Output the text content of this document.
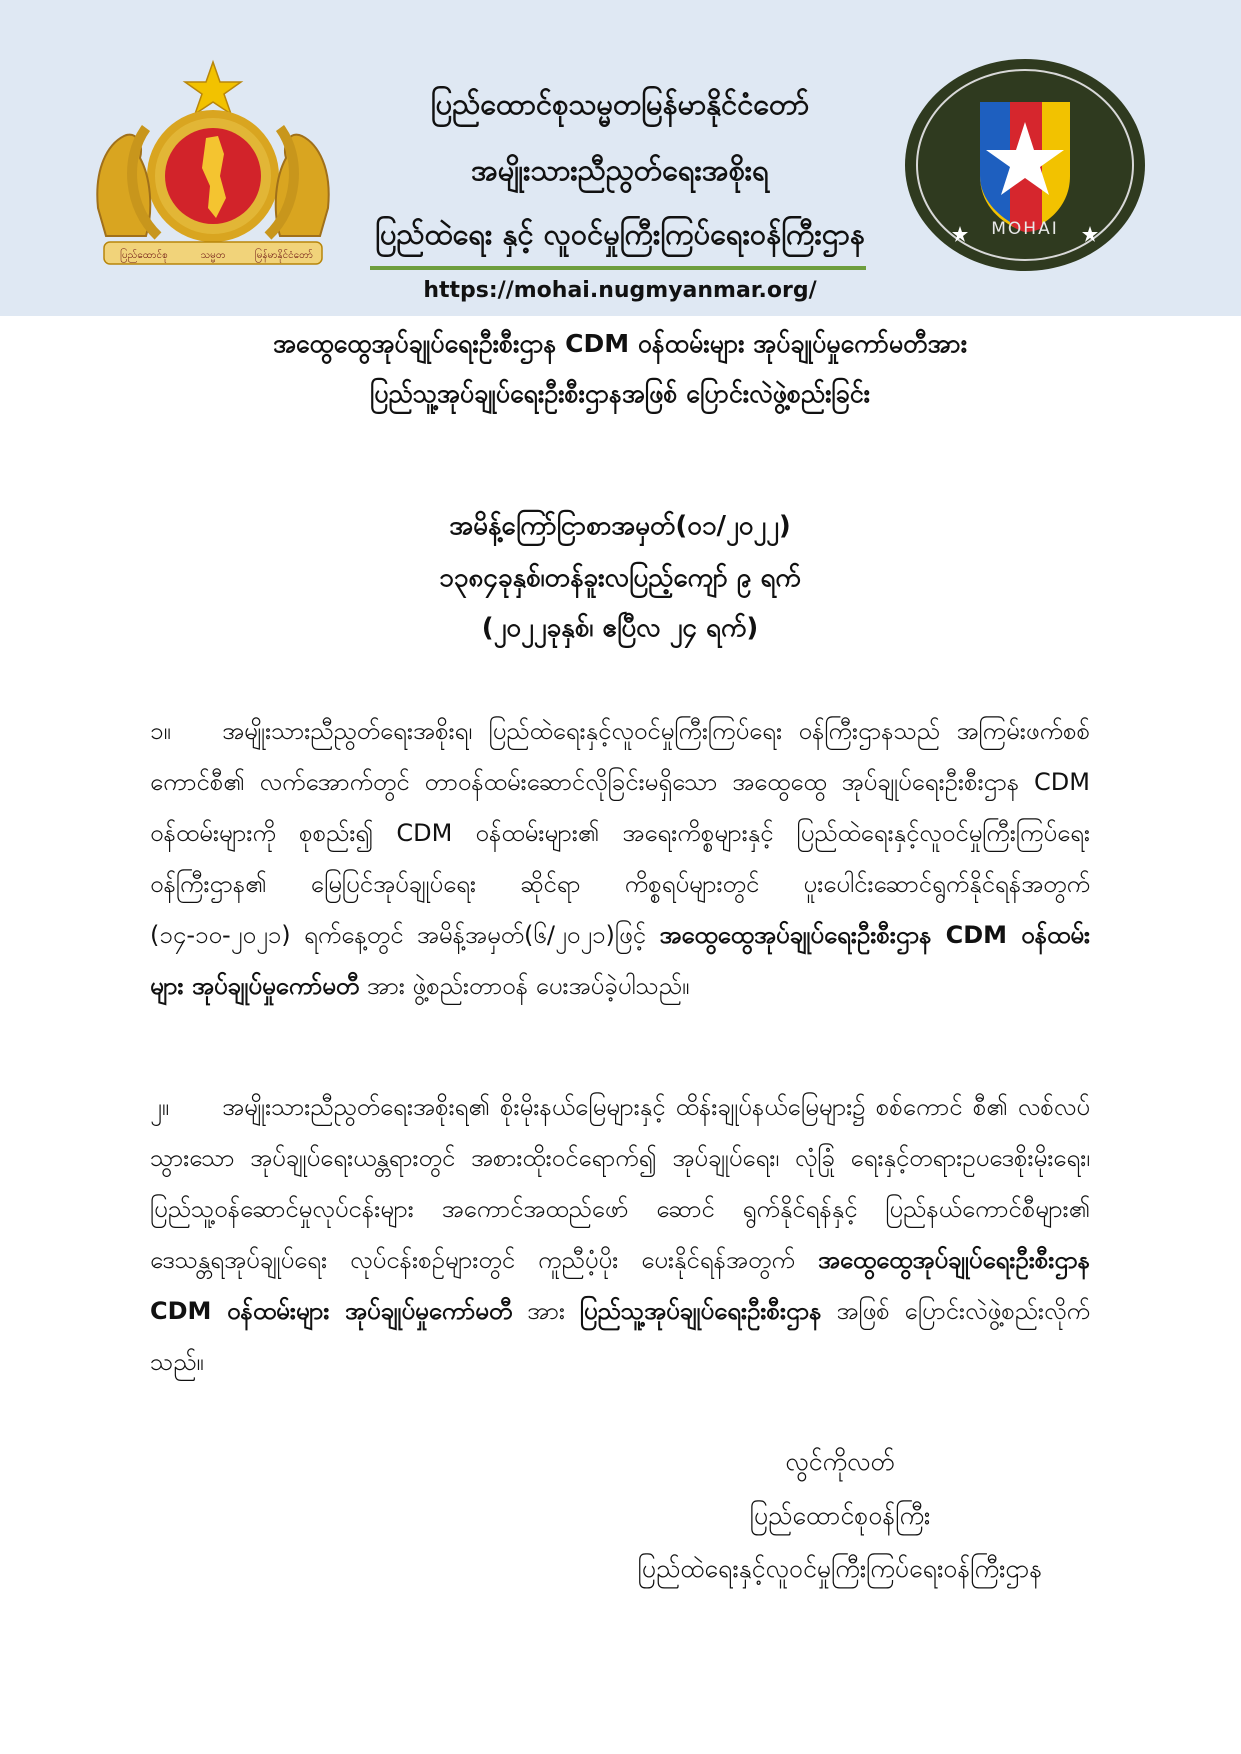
ပြည်ထောင်စု	သမ္မတ	မြန်မာနိုင်ငံတော်
ပြည်ထောင်စုသမ္မတမြန်မာနိုင်ငံတော်
အမျိုးသားညီညွတ်ရေးအစိုးရ
ပြည်ထဲရေး နှင့် လူဝင်မှုကြီးကြပ်ရေးဝန်ကြီးဌာန
https://mohai.nugmyanmar.org/
MOHAI
အထွေထွေအုပ်ချုပ်ရေးဦးစီးဌာန CDM ဝန်ထမ်းများ အုပ်ချုပ်မှုကော်မတီအား
ပြည်သူ့အုပ်ချုပ်ရေးဦးစီးဌာနအဖြစ် ပြောင်းလဲဖွဲ့စည်းခြင်း
အမိန့်ကြော်ငြာစာအမှတ်(၀၁/၂၀၂၂)
၁၃၈၄ခုနှစ်၊တန်ခူးလပြည့်ကျော် ၉ ရက်
(၂၀၂၂ခုနှစ်၊ ဧပြီလ ၂၄ ရက်)
၁။ အမျိုးသားညီညွတ်ရေးအစိုးရ၊ ပြည်ထဲရေးနှင့်လူဝင်မှုကြီးကြပ်ရေး ဝန်ကြီးဌာနသည် အကြမ်းဖက်စစ်ကောင်စီ၏ လက်အောက်တွင် တာဝန်ထမ်းဆောင်လိုခြင်းမရှိသော အထွေထွေ အုပ်ချုပ်ရေးဦးစီးဌာန CDM ဝန်ထမ်းများကို စုစည်း၍ CDM ဝန်ထမ်းများ၏ အရေးကိစ္စများနှင့် ပြည်ထဲရေးနှင့်လူဝင်မှုကြီးကြပ်ရေးဝန်ကြီးဌာန၏ မြေပြင်အုပ်ချုပ်ရေး ဆိုင်ရာ ကိစ္စရပ်များတွင် ပူးပေါင်းဆောင်ရွက်နိုင်ရန်အတွက် (၁၄-၁၀-၂၀၂၁) ရက်နေ့တွင် အမိန့်အမှတ်(၆/၂၀၂၁)ဖြင့် အထွေထွေအုပ်ချုပ်ရေးဦးစီးဌာန CDM ဝန်ထမ်းများ အုပ်ချုပ်မှုကော်မတီ အား ဖွဲ့စည်းတာဝန် ပေးအပ်ခဲ့ပါသည်။
၂။ အမျိုးသားညီညွတ်ရေးအစိုးရ၏ စိုးမိုးနယ်မြေများနှင့် ထိန်းချုပ်နယ်မြေများ၌ စစ်ကောင် စီ၏ လစ်လပ်သွားသော အုပ်ချုပ်ရေးယန္တရားတွင် အစားထိုးဝင်ရောက်၍ အုပ်ချုပ်ရေး၊ လုံခြုံ ရေးနှင့်တရားဥပဒေစိုးမိုးရေး၊ ပြည်သူ့ဝန်ဆောင်မှုလုပ်ငန်းများ အကောင်အထည်ဖော် ဆောင် ရွက်နိုင်ရန်နှင့် ပြည်နယ်ကောင်စီများ၏ ဒေသန္တရအုပ်ချုပ်ရေး လုပ်ငန်းစဉ်များတွင် ကူညီပံ့ပိုး ပေးနိုင်ရန်အတွက် အထွေထွေအုပ်ချုပ်ရေးဦးစီးဌာန CDM ဝန်ထမ်းများ အုပ်ချုပ်မှုကော်မတီ အား ပြည်သူ့အုပ်ချုပ်ရေးဦးစီးဌာန အဖြစ် ပြောင်းလဲဖွဲ့စည်းလိုက်သည်။
လွင်ကိုလတ်
ပြည်ထောင်စုဝန်ကြီး
ပြည်ထဲရေးနှင့်လူဝင်မှုကြီးကြပ်ရေးဝန်ကြီးဌာန
